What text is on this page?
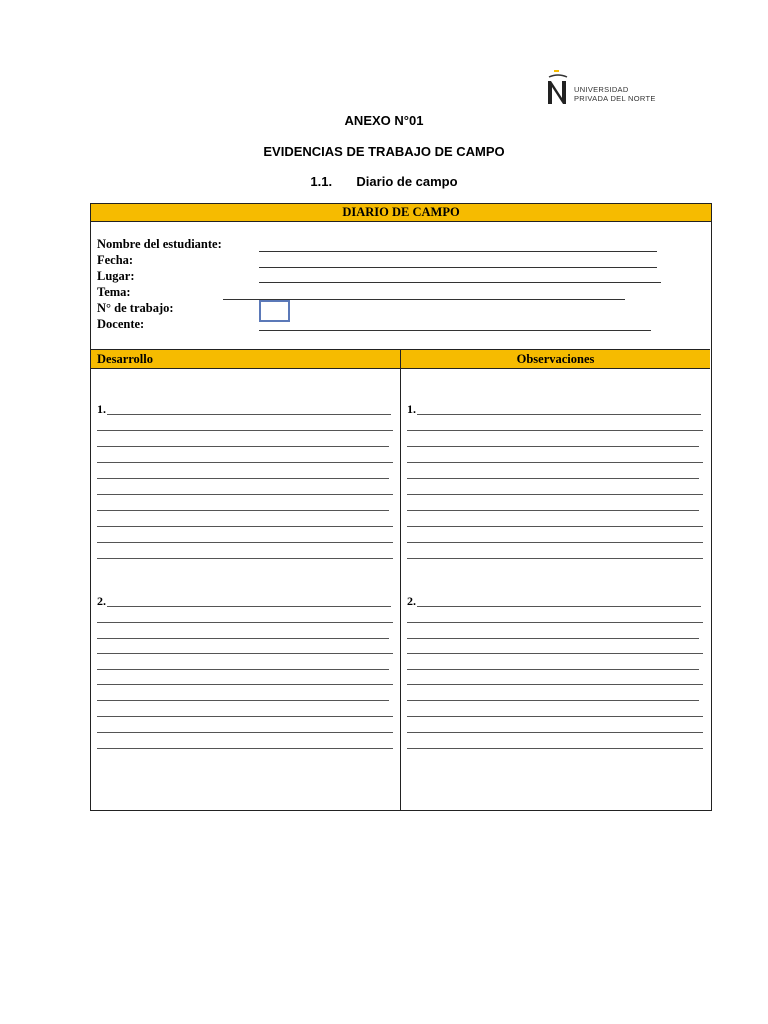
UNIVERSIDAD
PRIVADA DEL NORTE
ANEXO N°01
EVIDENCIAS DE TRABAJO DE CAMPO
1.1. Diario de campo
DIARIO DE CAMPO
Nombre del estudiante:
Fecha:
Lugar:
Tema:
N° de trabajo:
Docente:
Desarrollo	Observaciones
1.
2.
1.
2.
